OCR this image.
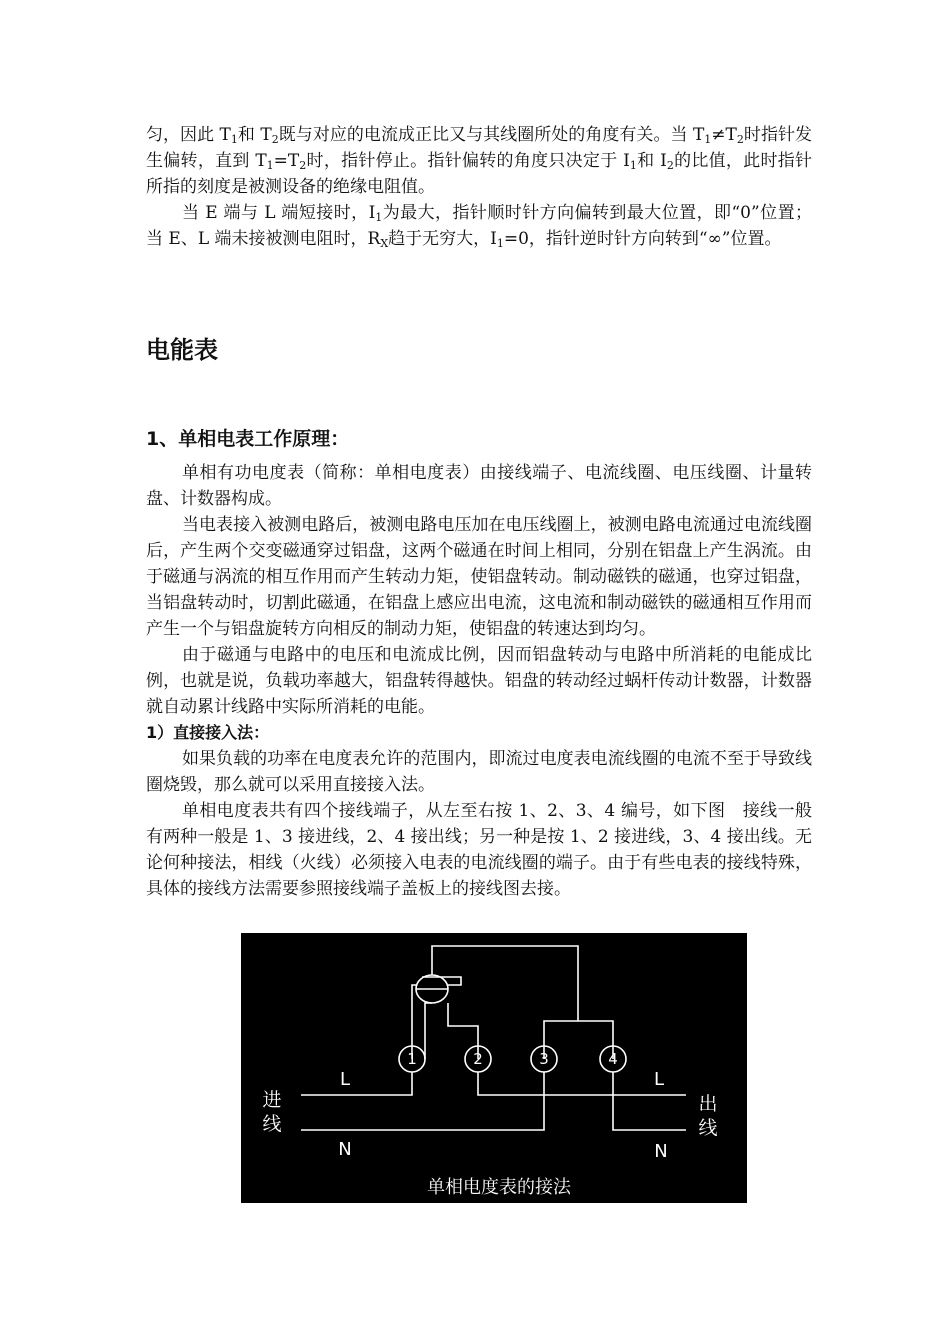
匀，因此 $T_1$和 $T_2$既与对应的电流成正比又与其线圈所处的角度有关。当 $T_1\ne T_2$时指针发生偏转，直到 $T_1=T_2$时，指针停止。指针偏转的角度只决定于 $I_1$和 $I_2$的比值，此时指针所指的刻度是被测设备的绝缘电阻值。

当 E 端与 L 端短接时，$I_1$为最大，指针顺时针方向偏转到最大位置，即“0”位置；当 E、L 端未接被测电阻时，$R_X$趋于无穷大，$I_1=0$，指针逆时针方向转到“∞”位置。

电能表
1、单相电表工作原理：

单相有功电度表（简称：单相电度表）由接线端子、电流线圈、电压线圈、计量转盘、计数器构成。

当电表接入被测电路后，被测电路电压加在电压线圈上，被测电路电流通过电流线圈后，产生两个交变磁通穿过铝盘，这两个磁通在时间上相同，分别在铝盘上产生涡流。由于磁通与涡流的相互作用而产生转动力矩，使铝盘转动。制动磁铁的磁通，也穿过铝盘，当铝盘转动时，切割此磁通，在铝盘上感应出电流，这电流和制动磁铁的磁通相互作用而产生一个与铝盘旋转方向相反的制动力矩，使铝盘的转速达到均匀。

由于磁通与电路中的电压和电流成比例，因而铝盘转动与电路中所消耗的电能成比例，也就是说，负载功率越大，铝盘转得越快。铝盘的转动经过蜗杆传动计数器，计数器就自动累计线路中实际所消耗的电能。

1）直接接入法：

如果负载的功率在电度表允许的范围内，即流过电度表电流线圈的电流不至于导致线圈烧毁，那么就可以采用直接接入法。

单相电度表共有四个接线端子，从左至右按 1、2、3、4 编号，如下图　接线一般有两种一般是 1、3 接进线，2、4 接出线；另一种是按 1、2 接进线，3、4 接出线。无论何种接法，相线（火线）必须接入电表的电流线圈的端子。由于有些电表的接线特殊，具体的接线方法需要参照接线端子盖板上的接线图去接。

1	2	3	4
进
线
出
线
L	L
N	N
单相电度表的接法
